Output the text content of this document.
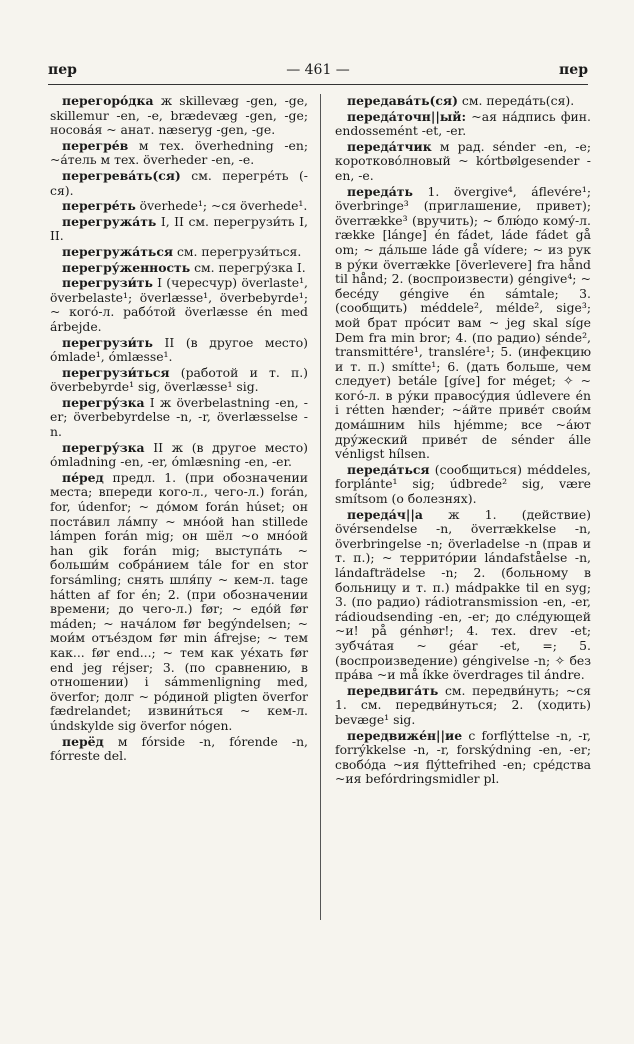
пер	— 461 —	пер
перегоро́дка ж skillevæg -gen, -ge, skillemur -en, -e, brædevæg -gen, -ge; носова́я ~ анат. næseryg -gen, -ge.
перегре́в м тех. överhedning -en; ~а́тель м тех. överheder -en, -e.
перегрева́ть(ся) см. перегре́ть (-ся).
перегре́ть överhede¹; ~ся överhede¹.
перегружа́ть I, II см. перегрузи́ть I, II.
перегружа́ться см. перегрузи́ться.
перегру́женность см. перегру́зка I.
перегрузи́ть I (чересчур) överlaste¹, överbelaste¹; överlæsse¹, överbebyrde¹; ~ кого́-л. рабо́той överlæsse én med árbejde.
перегрузи́ть II (в другое место) ómlade¹, ómlæsse¹.
перегрузи́ться (работой и т. п.) överbebyrde¹ sig, överlæsse¹ sig.
перегру́зка I ж överbelastning -en, -er; överbebyrdelse -n, -r, överlæsselse -n.
перегру́зка II ж (в другое место) ómladning -en, -er, ómlæsning -en, -er.
пе́ред предл. 1. (при обозначении места; впереди кого-л., чего-л.) forán, for, údenfor; ~ до́мом forán húset; он поста́вил ла́мпу ~ мно́ой han stillede lámpen forán mig; он шёл ~о мно́ой han gik forán mig; выступа́ть ~ больши́м собра́нием tále for en stor forsámling; снять шля́пу ~ кем-л. tage hátten af for én; 2. (при обозначении времени; до чего-л.) før; ~ едо́й før máden; ~ нача́лом før begýndelsen; ~ мои́м отъе́здом før min áfrejse; ~ тем как... før end...; ~ тем как уе́хать før end jeg réjser; 3. (по сравнению, в отношении) i sámmenligning med, överfor; долг ~ ро́диной pligten överfor fædrelandet; извини́ться ~ кем-л. úndskylde sig överfor nógen.
перёд м fórside -n, fórende -n, fórreste del.
передава́ть(ся) см. переда́ть(ся).
переда́точн||ый: ~ая на́дпись фин. endossemént -et, -er.
переда́тчик м рад. sénder -en, -e; коротково́лновый ~ kórtbølgesender -en, -e.
переда́ть 1. övergive⁴, áflevére¹; överbringe³ (приглашение, привет); överrække³ (вручить); ~ блю́до кому́-л. række [lánge] én fádet, láde fádet gå om; ~ да́льше láde gå vídere; ~ из рук в ру́ки överrække [överlevere] fra hånd til hånd; 2. (воспроизвести) géngive⁴; ~ бесе́ду géngive én sámtale; 3. (сообщить) méddele², mélde², sige³; мой брат про́сит вам ~ jeg skal síge Dem fra min bror; 4. (по радио) sénde², transmittére¹, translére¹; 5. (инфекцию и т. п.) smítte¹; 6. (дать больше, чем следует) betále [gíve] for méget; ✧ ~ кого́-л. в ру́ки правосу́дия údlevere én i rétten hænder; ~а́йте приве́т свои́м дома́шним hils hjémme; все ~а́ют дру́жеский приве́т de sénder álle vénligst hílsen.
переда́ться (сообщиться) méddeles, forplánte¹ sig; údbrede² sig, være smítsom (о болезнях).
переда́ч||а ж 1. (действие) övérsendelse -n, överrækkelse -n, överbringelse -n; överladelse -n (прав и т. п.); ~ террито́рии lándafståelse -n, lándafträdelse -n; 2. (больному в больницу и т. п.) mádpakke til en syg; 3. (по радио) rádiotransmission -en, -er, rádioudsending -en, -er; до сле́дующей ~и! på génhør!; 4. тех. drev -et; зубча́тая ~ géar -et, =; 5. (воспроизведение) géngivelse -n; ✧ без пра́ва ~и må íkke överdrages til ándre.
передвига́ть см. передви́нуть; ~ся 1. см. передви́нуться; 2. (ходить) bevæge¹ sig.
передвиже́н||ие с forflýttelse -n, -r, forrýkkelse -n, -r, forskýdning -en, -er; свобо́да ~ия flýttefrihed -en; сре́дства ~ия befórdringsmidler pl.
